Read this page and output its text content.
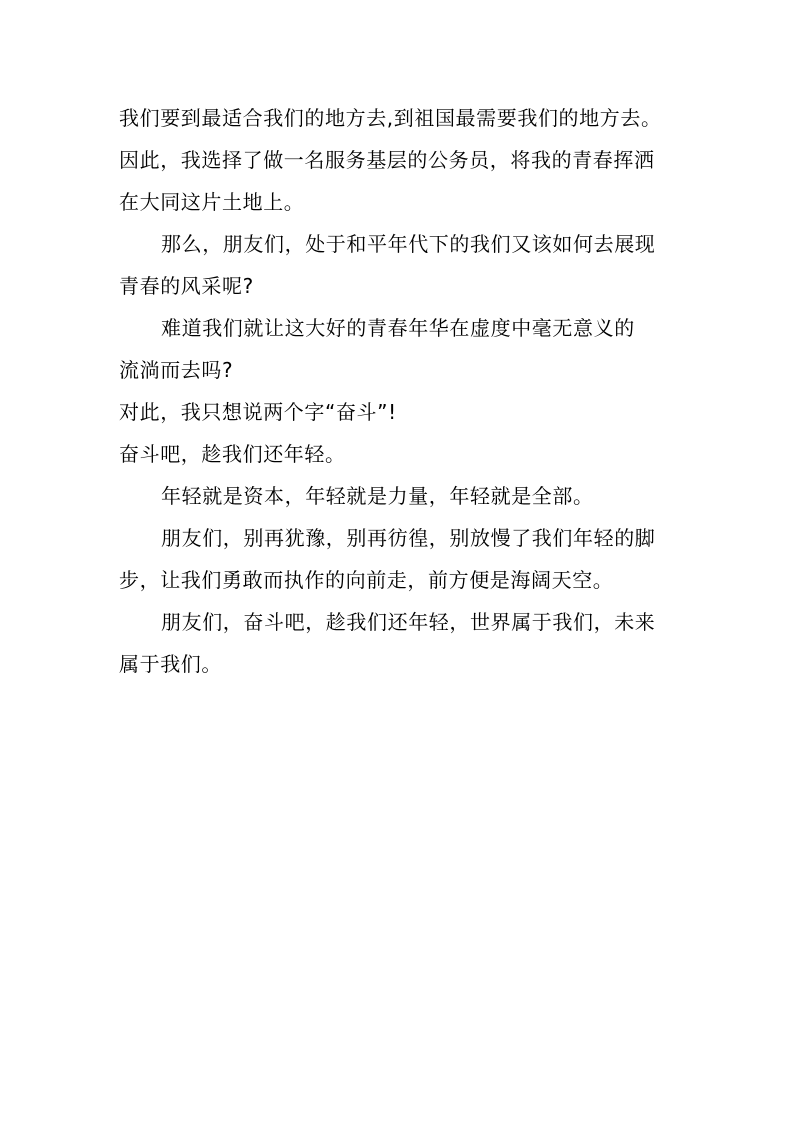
我们要到最适合我们的地方去,到祖国最需要我们的地方去。
因此，我选择了做一名服务基层的公务员，将我的青春挥洒
在大同这片土地上。
那么，朋友们，处于和平年代下的我们又该如何去展现
青春的风采呢?
难道我们就让这大好的青春年华在虚度中毫无意义的
流淌而去吗?
对此，我只想说两个字“奋斗”!
奋斗吧，趁我们还年轻。
年轻就是资本，年轻就是力量，年轻就是全部。
朋友们，别再犹豫，别再彷徨，别放慢了我们年轻的脚
步，让我们勇敢而执作的向前走，前方便是海阔天空。
朋友们，奋斗吧，趁我们还年轻，世界属于我们，未来
属于我们。
